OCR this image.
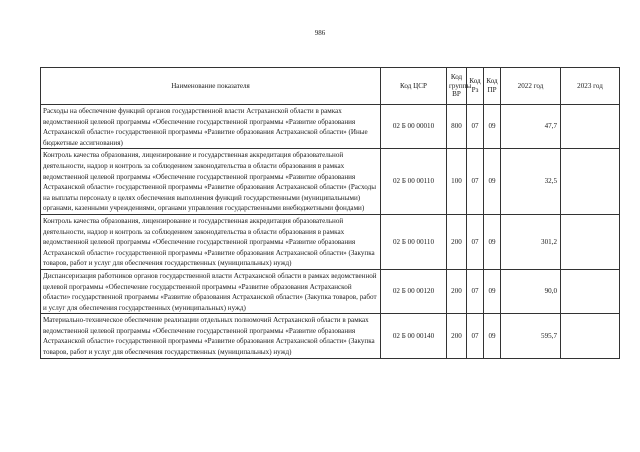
986
Наименование показателя	Код ЦСР	Код группы ВР	Код Рз	Код ПР	2022 год	2023 год
Расходы на обеспечение функций органов государственной власти Астраханской области в рамках ведомственной целевой программы «Обеспечение государственной программы «Развитие образования Астраханской области» государственной программы «Развитие образования Астраханской области» (Иные бюджетные ассигнования)	02 Б 00 00010	800	07	09	47,7	
Контроль качества образования, лицензирование и государственная аккредитация образовательной деятельности, надзор и контроль за соблюдением законодательства в области образования в рамках ведомственной целевой программы «Обеспечение государственной программы «Развитие образования Астраханской области» государственной программы «Развитие образования Астраханской области» (Расходы на выплаты персоналу в целях обеспечения выполнения функций государственными (муниципальными) органами, казенными учреждениями, органами управления государственными внебюджетными фондами)	02 Б 00 00110	100	07	09	32,5	
Контроль качества образования, лицензирование и государственная аккредитация образовательной деятельности, надзор и контроль за соблюдением законодательства в области образования в рамках ведомственной целевой программы «Обеспечение государственной программы «Развитие образования Астраханской области» государственной программы «Развитие образования Астраханской области» (Закупка товаров, работ и услуг для обеспечения государственных (муниципальных) нужд)	02 Б 00 00110	200	07	09	301,2	
Диспансеризация работников органов государственной власти Астраханской области в рамках ведомственной целевой программы «Обеспечение государственной программы «Развитие образования Астраханской области» государственной программы «Развитие образования Астраханской области» (Закупка товаров, работ и услуг для обеспечения государственных (муниципальных) нужд)	02 Б 00 00120	200	07	09	90,0	
Материально-техническое обеспечение реализации отдельных полномочий Астраханской области в рамках ведомственной целевой программы «Обеспечение государственной программы «Развитие образования Астраханской области» государственной программы «Развитие образования Астраханской области» (Закупка товаров, работ и услуг для обеспечения государственных (муниципальных) нужд)	02 Б 00 00140	200	07	09	595,7	
